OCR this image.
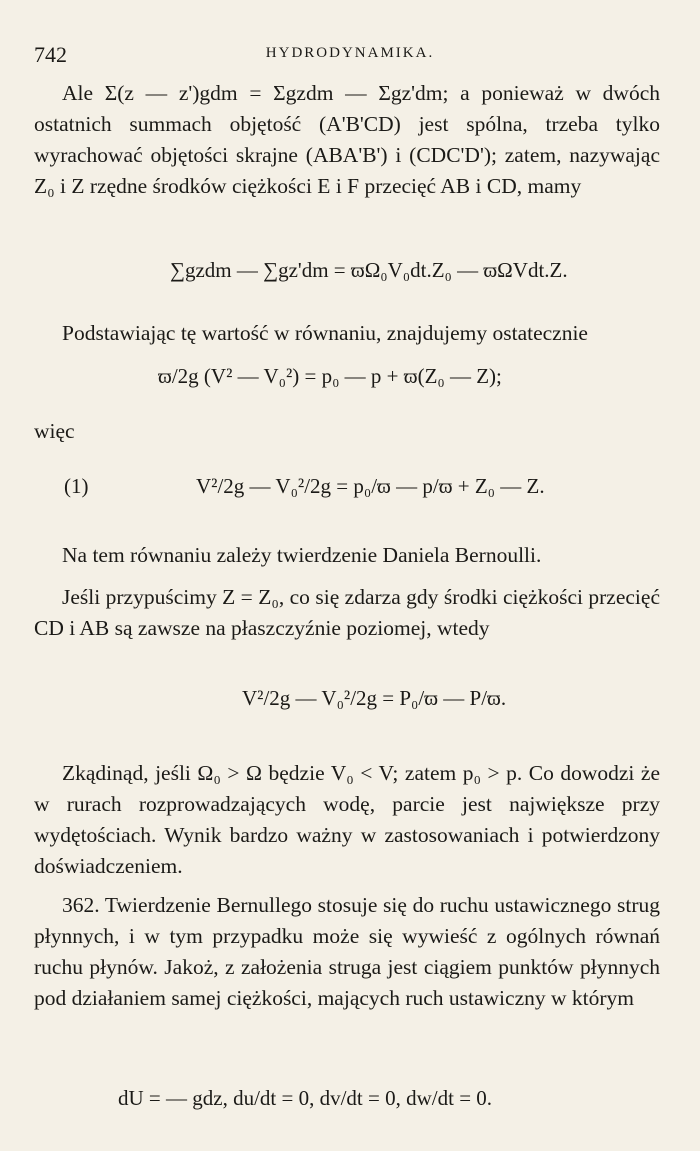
742	HYDRODYNAMIKA.
Ale Σ(z — z')gdm = Σgzdm — Σgz'dm; a ponieważ w dwóch ostatnich summach objętość (A'B'CD) jest spólna, trzeba tylko wyrachować objętości skrajne (ABA'B') i (CDC'D'); zatem, nazywając Z₀ i Z rzędne środków ciężkości E i F przecięć AB i CD, mamy
∑gzdm — ∑gz'dm = ϖΩ₀V₀dt.Z₀ — ϖΩVdt.Z.
Podstawiając tę wartość w równaniu, znajdujemy ostatecznie
ϖ/2g (V² — V₀²) = p₀ — p + ϖ(Z₀ — Z);
więc
(1)	V²/2g — V₀²/2g = p₀/ϖ — p/ϖ + Z₀ — Z.
Na tem równaniu zależy twierdzenie Daniela Bernoulli.
Jeśli przypuścimy Z = Z₀, co się zdarza gdy środki ciężkości przecięć CD i AB są zawsze na płaszczyźnie poziomej, wtedy
V²/2g — V₀²/2g = P₀/ϖ — P/ϖ.
Zkądinąd, jeśli Ω₀ > Ω będzie V₀ < V; zatem p₀ > p. Co dowodzi że w rurach rozprowadzających wodę, parcie jest największe przy wydętościach. Wynik bardzo ważny w zastosowaniach i potwierdzony doświadczeniem.
362. Twierdzenie Bernullego stosuje się do ruchu ustawicznego strug płynnych, i w tym przypadku może się wywieść z ogólnych równań ruchu płynów. Jakoż, z założenia struga jest ciągiem punktów płynnych pod działaniem samej ciężkości, mających ruch ustawiczny w którym
dU = — gdz, du/dt = 0, dv/dt = 0, dw/dt = 0.
